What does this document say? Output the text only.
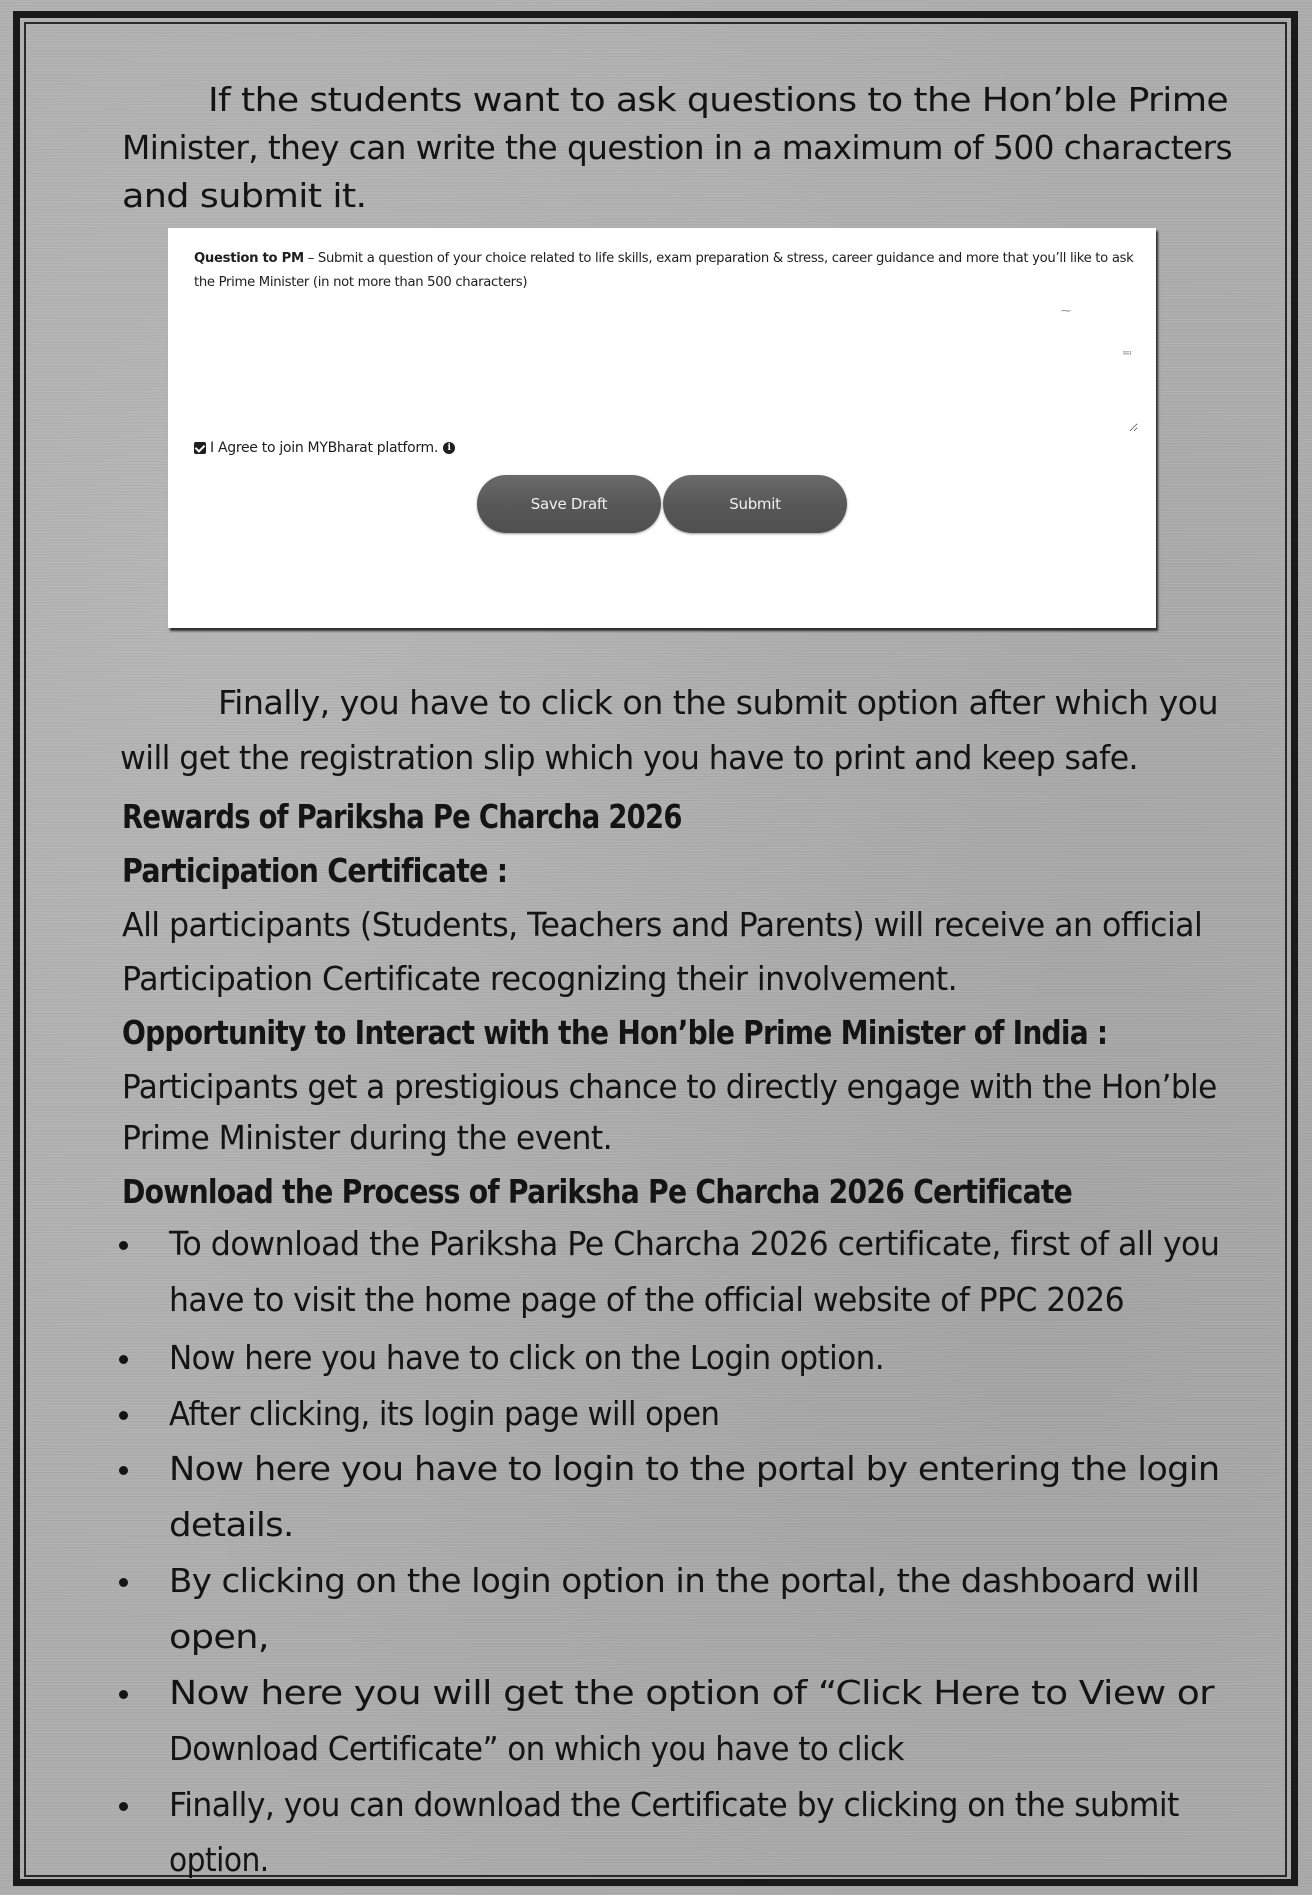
If the students want to ask questions to the Hon’ble Prime
Minister, they can write the question in a maximum of 500 characters
and submit it.
Question to PM – Submit a question of your choice related to life skills, exam preparation & stress, career guidance and more that you’ll like to ask the Prime Minister (in not more than 500 characters)
⁓
≕
I Agree to join MYBharat platform.	i
Save Draft	Submit
Finally, you have to click on the submit option after which you
will get the registration slip which you have to print and keep safe.
Rewards of Pariksha Pe Charcha 2026
Participation Certificate :
All participants (Students, Teachers and Parents) will receive an official
Participation Certificate recognizing their involvement.
Opportunity to Interact with the Hon’ble Prime Minister of India :
Participants get a prestigious chance to directly engage with the Hon’ble
Prime Minister during the event.
Download the Process of Pariksha Pe Charcha 2026 Certificate
To download the Pariksha Pe Charcha 2026 certificate, first of all you
have to visit the home page of the official website of PPC 2026
Now here you have to click on the Login option.
After clicking, its login page will open
Now here you have to login to the portal by entering the login
details.
By clicking on the login option in the portal, the dashboard will
open,
Now here you will get the option of “Click Here to View or
Download Certificate” on which you have to click
Finally, you can download the Certificate by clicking on the submit
option.
